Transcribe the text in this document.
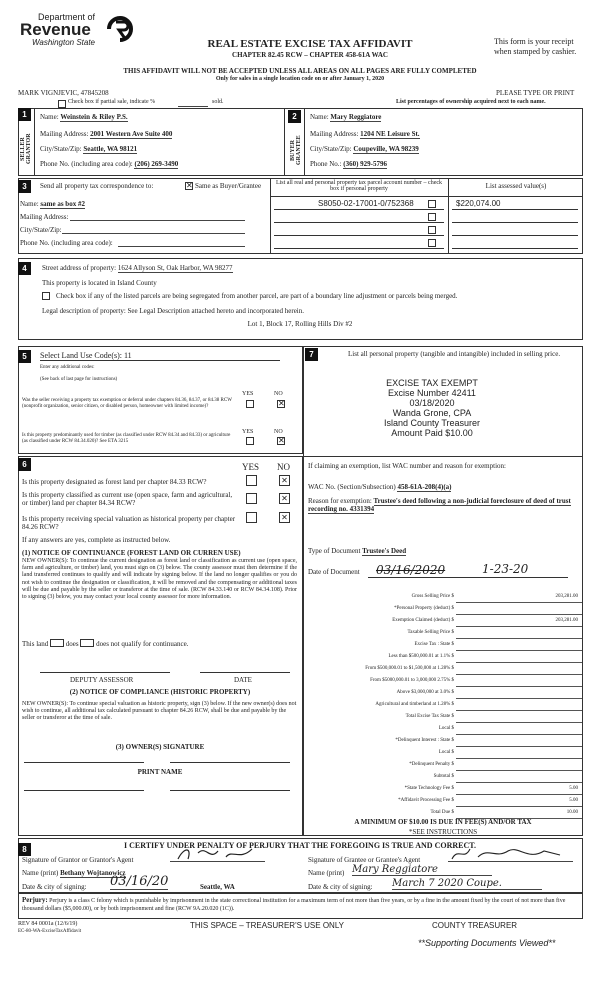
Department of
Revenue
Washington State	REAL ESTATE EXCISE TAX AFFIDAVIT
CHAPTER 82.45 RCW – CHAPTER 458-61A WAC
This form is your receipt
when stamped by cashier.
THIS AFFIDAVIT WILL NOT BE ACCEPTED UNLESS ALL AREAS ON ALL PAGES ARE FULLY COMPLETED
Only for sales in a single location code on or after January 1, 2020
MARK VIGNJEVIC, 47845208
Check box if partial sale, indicate %	sold.
PLEASE TYPE OR PRINT
List percentages of ownership acquired next to each name.
1
SELLER GRANTOR
Name: Weinstein & Riley P.S.
Mailing Address: 2001 Western Ave Suite 400
City/State/Zip: Seattle, WA 98121
Phone No. (including area code): (206) 269-3490
2
BUYER GRANTEE
Name: Mary Reggiatore
Mailing Address: 1204 NE Leisure St.
City/State/Zip: Coupeville, WA 98239
Phone No.: (360) 929-5796
3	Send all property tax correspondence to:	✕ Same as Buyer/Grantee
Name: same as box #2
Mailing Address:
City/State/Zip:
Phone No. (including area code):
List all real and personal property tax parcel account number – check box if personal property	List assessed value(s)
S8050-02-17001-0/752368	$220,074.00
4	Street address of property: 1624 Allyson St, Oak Harbor, WA 98277
This property is located in Island County
Check box if any of the listed parcels are being segregated from another parcel, are part of a boundary line adjustment or parcels being merged.
Legal description of property: See Legal Description attached hereto and incorporated herein.
Lot 1, Block 17, Rolling Hills Div #2
5	Select Land Use Code(s): 11
Enter any additional codes:
(See back of last page for instructions)
YES	NO
Was the seller receiving a property tax exemption or deferral under chapters 84.36, 84.37, or 84.38 RCW (nonprofit organization, senior citizen, or disabled person, homeowner with limited income)?	✕
YES	NO
Is this property predominantly used for timber (as classified under RCW 84.34 and 84.33) or agriculture (as classified under RCW 84.34.020)? See ETA 3215	✕
6	YES NO
Is this property designated as forest land per chapter 84.33 RCW?	✕
Is this property classified as current use (open space, farm and agricultural, or timber) land per chapter 84.34 RCW?	✕
Is this property receiving special valuation as historical property per chapter 84.26 RCW?
✕
If any answers are yes, complete as instructed below.
(1) NOTICE OF CONTINUANCE (FOREST LAND OR CURREN USE)
NEW OWNER(S): To continue the current designation as forest land or classification as current use (open space, farm and agriculture, or timber) land, you must sign on (3) below. The county assessor must then determine if the land transferred continues to qualify and will indicate by signing below. If the land no longer qualifies or you do not wish to continue the designation or classification, it will be removed and the compensating or additional taxes will be due and payable by the seller or transferor at the time of sale. (RCW 84.33.140 or RCW 84.34.108). Prior to signing (3) below, you may contact your local county assessor for more information.
This land	does	does not qualify for continuance.
DEPUTY ASSESSOR	DATE
(2) NOTICE OF COMPLIANCE (HISTORIC PROPERTY)
NEW OWNER(S): To continue special valuation as historic property, sign (3) below. If the new owner(s) does not wish to continue, all additional tax calculated pursuant to chapter 84.26 RCW, shall be due and payable by the seller or transferor at the time of sale.
(3) OWNER(S) SIGNATURE
PRINT NAME
7	List all personal property (tangible and intangible) included in selling price.
EXCISE TAX EXEMPT
Excise Number 42411
03/18/2020
Wanda Grone, CPA
Island County Treasurer
Amount Paid $10.00
If claiming an exemption, list WAC number and reason for exemption:
WAC No. (Section/Subsection) 458-61A-208(4)(a)
Reason for exemption: Trustee's deed following a non-judicial foreclosure of deed of trust recording no. 4331394
Type of Document Trustee's Deed
Date of Document 03/16/2020	1-23-20
Gross Selling Price $	203,281.00
*Personal Property (deduct) $
Exemption Claimed (deduct) $	203,281.00
Taxable Selling Price $
Excise Tax : State $
Less than $500,000.01 at 1.1% $
From $500,000.01 to $1,500,000 at 1.28% $
From $5000,000.01 to 3,000,000 2.75% $
Above $3,000,000 at 3.0% $
Agricultural and timberland at 1.28% $
Total Excise Tax State $
Local $
*Delinquent Interest : State $
Local $
*Delinquent Penalty $
Subtotal $
*State Technology Fee $	5.00
*Affidavit Processing Fee $	5.00
Total Due $	10.00
A MINIMUM OF $10.00 IS DUE IN FEE(S) AND/OR TAX
*SEE INSTRUCTIONS
8	I CERTIFY UNDER PENALTY OF PERJURY THAT THE FOREGOING IS TRUE AND CORRECT.
Signature of Grantor or Grantor's Agent
Name (print) Bethany Wojtanowicz
Date & city of signing: 03/16/20	Seattle, WA
Signature of Grantee or Grantee's Agent
Name (print) Mary Reggiatore
Date & city of signing: March 7 2020 Coupe.
Perjury: Perjury is a class C felony which is punishable by imprisonment in the state correctional institution for a maximum term of not more than five years, or by a fine in the amount fixed by the court of not more than five thousand dollars ($5,000.00), or by both imprisonment and fine (RCW 9A.20.020 (1C)).
REV 84 0001a (12/6/19)
EC-80-WA-ExciseTaxAffidavit
THIS SPACE – TREASURER'S USE ONLY	COUNTY TREASURER
**Supporting Documents Viewed**
